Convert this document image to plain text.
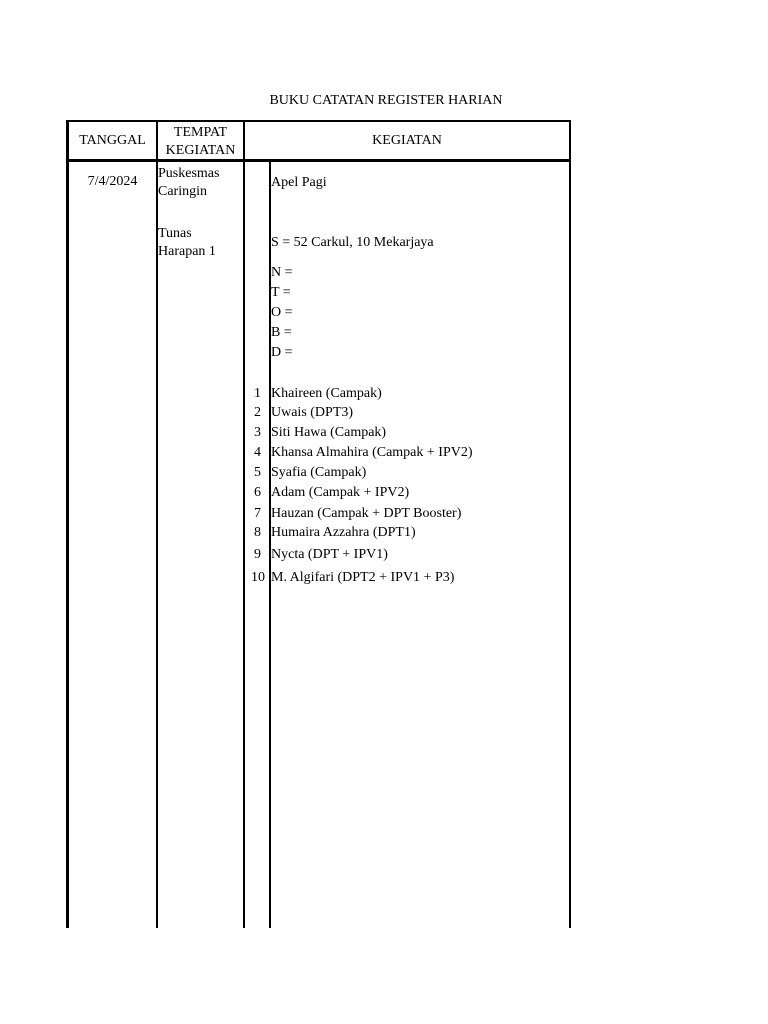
BUKU CATATAN REGISTER HARIAN
TANGGAL
TEMPAT
KEGIATAN
KEGIATAN
7/4/2024
Puskesmas
Caringin
Tunas
Harapan 1
Apel Pagi
S = 52 Carkul, 10 Mekarjaya
N =
T =
O =
B =
D =
1 Khaireen (Campak)
2 Uwais (DPT3)
3 Siti Hawa (Campak)
4 Khansa Almahira (Campak + IPV2)
5 Syafia (Campak)
6 Adam (Campak + IPV2)
7 Hauzan (Campak + DPT Booster)
8 Humaira Azzahra (DPT1)
9 Nycta (DPT + IPV1)
10 M. Algifari (DPT2 + IPV1 + P3)
